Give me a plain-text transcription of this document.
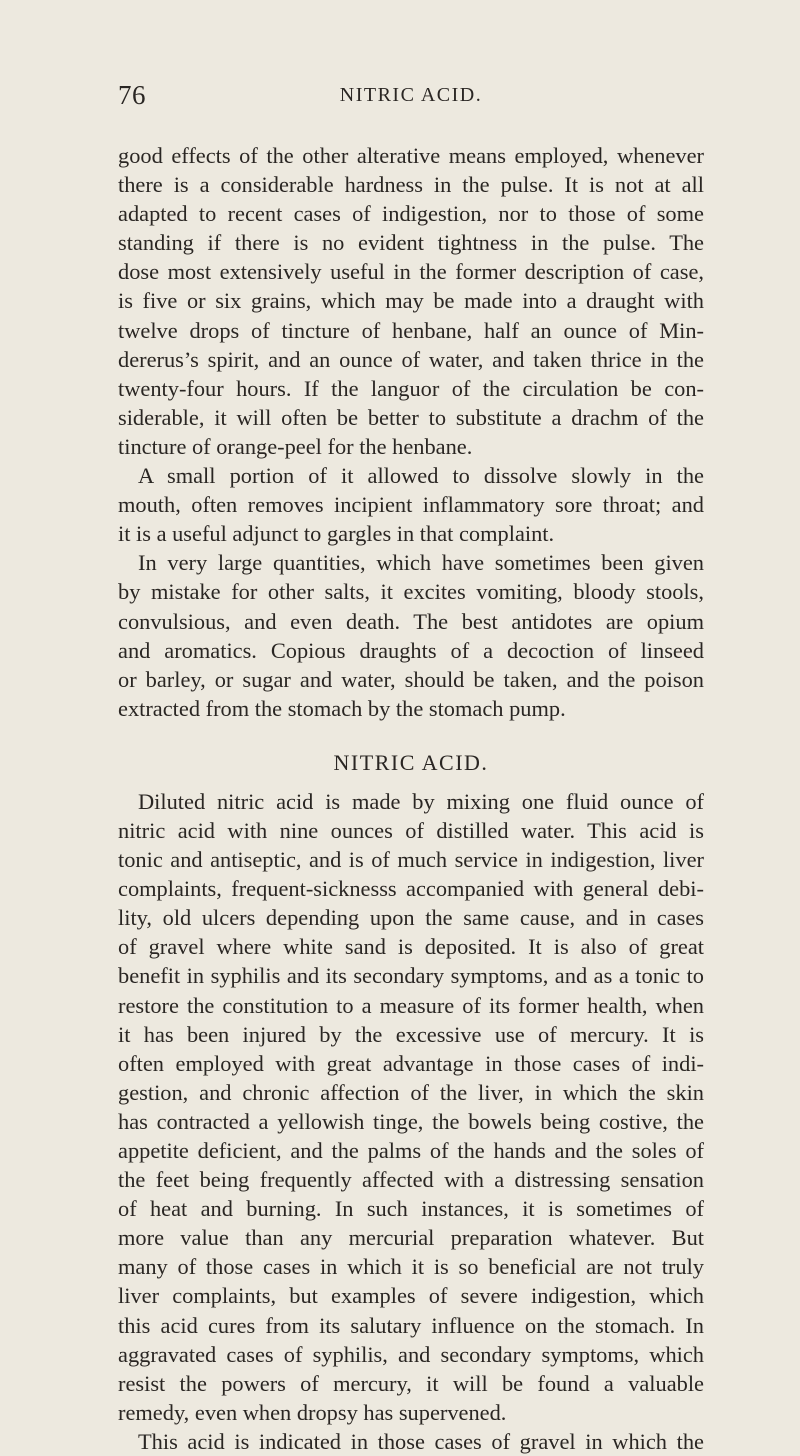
76	NITRIC ACID.
good effects of the other alterative means employed, whenever
there is a considerable hardness in the pulse. It is not at all
adapted to recent cases of indigestion, nor to those of some
standing if there is no evident tightness in the pulse. The
dose most extensively useful in the former description of case,
is five or six grains, which may be made into a draught with
twelve drops of tincture of henbane, half an ounce of Min-
dererus’s spirit, and an ounce of water, and taken thrice in the
twenty-four hours. If the languor of the circulation be con-
siderable, it will often be better to substitute a drachm of the
tincture of orange-peel for the henbane.
A small portion of it allowed to dissolve slowly in the
mouth, often removes incipient inflammatory sore throat; and
it is a useful adjunct to gargles in that complaint.
In very large quantities, which have sometimes been given
by mistake for other salts, it excites vomiting, bloody stools,
convulsious, and even death. The best antidotes are opium
and aromatics. Copious draughts of a decoction of linseed
or barley, or sugar and water, should be taken, and the poison
extracted from the stomach by the stomach pump.
NITRIC ACID.
Diluted nitric acid is made by mixing one fluid ounce of
nitric acid with nine ounces of distilled water. This acid is
tonic and antiseptic, and is of much service in indigestion, liver
complaints, frequent-sicknesss accompanied with general debi-
lity, old ulcers depending upon the same cause, and in cases
of gravel where white sand is deposited. It is also of great
benefit in syphilis and its secondary symptoms, and as a tonic to
restore the constitution to a measure of its former health, when
it has been injured by the excessive use of mercury. It is
often employed with great advantage in those cases of indi-
gestion, and chronic affection of the liver, in which the skin
has contracted a yellowish tinge, the bowels being costive, the
appetite deficient, and the palms of the hands and the soles of
the feet being frequently affected with a distressing sensation
of heat and burning. In such instances, it is sometimes of
more value than any mercurial preparation whatever. But
many of those cases in which it is so beneficial are not truly
liver complaints, but examples of severe indigestion, which
this acid cures from its salutary influence on the stomach. In
aggravated cases of syphilis, and secondary symptoms, which
resist the powers of mercury, it will be found a valuable
remedy, even when dropsy has supervened.
This acid is indicated in those cases of gravel in which the
